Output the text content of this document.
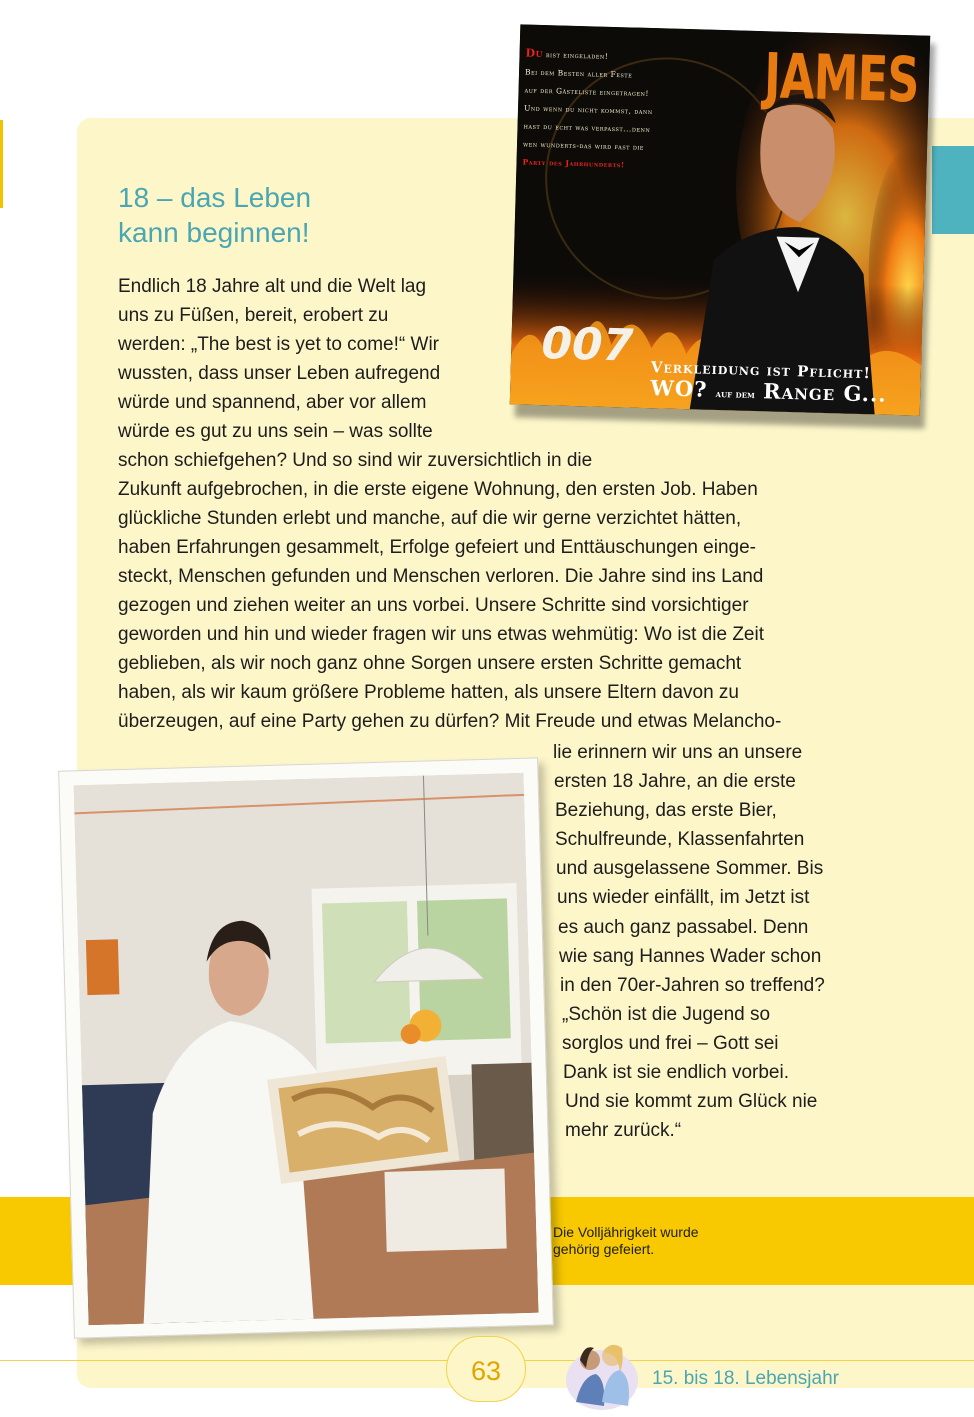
18 – das Leben
kann beginnen!

Endlich 18 Jahre alt und die Welt lag
uns zu Füßen, bereit, erobert zu
werden: „The best is yet to come!“ Wir
wussten, dass unser Leben aufregend
würde und spannend, aber vor allem
würde es gut zu uns sein – was sollte

schon schiefgehen? Und so sind wir zuversichtlich in die
Zukunft aufgebrochen, in die erste eigene Wohnung, den ersten Job. Haben
glückliche Stunden erlebt und manche, auf die wir gerne verzichtet hätten,
haben Erfahrungen gesammelt, Erfolge gefeiert und Enttäuschungen einge-
steckt, Menschen gefunden und Menschen verloren. Die Jahre sind ins Land
gezogen und ziehen weiter an uns vorbei. Unsere Schritte sind vorsichtiger
geworden und hin und wieder fragen wir uns etwas wehmütig: Wo ist die Zeit
geblieben, als wir noch ganz ohne Sorgen unsere ersten Schritte gemacht
haben, als wir kaum größere Probleme hatten, als unsere Eltern davon zu
überzeugen, auf eine Party gehen zu dürfen? Mit Freude und etwas Melancho-

lie erinnern wir uns an unsere
ersten 18 Jahre, an die erste
Beziehung, das erste Bier,
Schulfreunde, Klassenfahrten
und ausgelassene Sommer. Bis
uns wieder einfällt, im Jetzt ist
es auch ganz passabel. Denn
wie sang Hannes Wader schon
in den 70er-Jahren so treffend?
„Schön ist die Jugend so
sorglos und frei – Gott sei
Dank ist sie endlich vorbei.
Und sie kommt zum Glück nie
mehr zurück.“

Du bist eingeladen!
Bei dem Besten aller Feste
auf der Gästeliste eingetragen!
Und wenn du nicht kommst, dann
hast du echt was verpasst...denn
wen wunderts-das wird fast die
Party des Jahrhunderts!
JAMES
007 Verkleidung ist Pflicht!
WO? auf dem Range G...

Die Volljährigkeit wurde
gehörig gefeiert.

63	15. bis 18. Lebensjahr
